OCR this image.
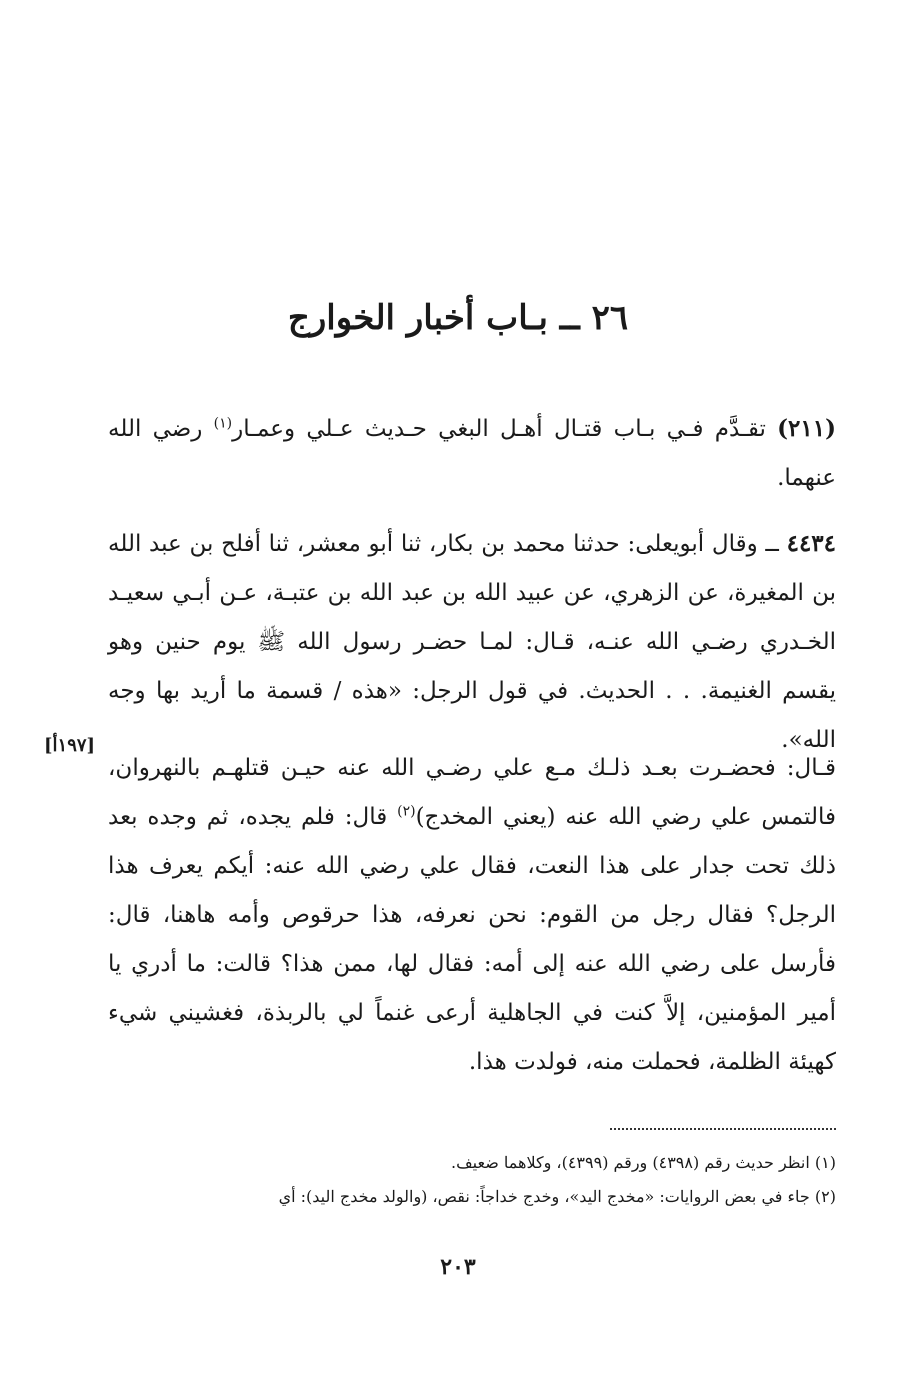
٢٦ ــ بـاب أخبار الخوارج

(٢١١) تقـدَّم فـي بـاب قتـال أهـل البغي حـديث عـلي وعمـار$^{(١)}$ رضي الله عنهما.

٤٤٣٤ ــ وقال أبويعلى: حدثنا محمد بن بكار، ثنا أبو معشر، ثنا أفلح بن عبد الله بن المغيرة، عن الزهري، عن عبيد الله بن عبد الله بن عتبـة، عـن أبـي سعيـد الخـدري رضـي الله عنـه، قـال: لمـا حضـر رسول الله ﷺ يوم حنين وهو يقسم الغنيمة. . . الحديث. في قول الرجل: «هذه / قسمة ما أريد بها وجه الله».

[١٩٧أ]

قـال: فحضـرت بعـد ذلـك مـع علي رضـي الله عنه حيـن قتلهـم بالنهروان، فالتمس علي رضي الله عنه (يعني المخدج)$^{(٢)}$ قال: فلم يجده، ثم وجده بعد ذلك تحت جدار على هذا النعت، فقال علي رضي الله عنه: أيكم يعرف هذا الرجل؟ فقال رجل من القوم: نحن نعرفه، هذا حرقوص وأمه هاهنا، قال: فأرسل على رضي الله عنه إلى أمه: فقال لها، ممن هذا؟ قالت: ما أدري يا أمير المؤمنين، إلاَّ كنت في الجاهلية أرعى غنماً لي بالربذة، فغشيني شيء كهيئة الظلمة، فحملت منه، فولدت هذا.

(١) انظر حديث رقم (٤٣٩٨) ورقم (٤٣٩٩)، وكلاهما ضعيف.

(٢) جاء في بعض الروايات: «مخدج اليد»، وخدج خداجاً: نقص، (والولد مخدج اليد): أي

٢٠٣
